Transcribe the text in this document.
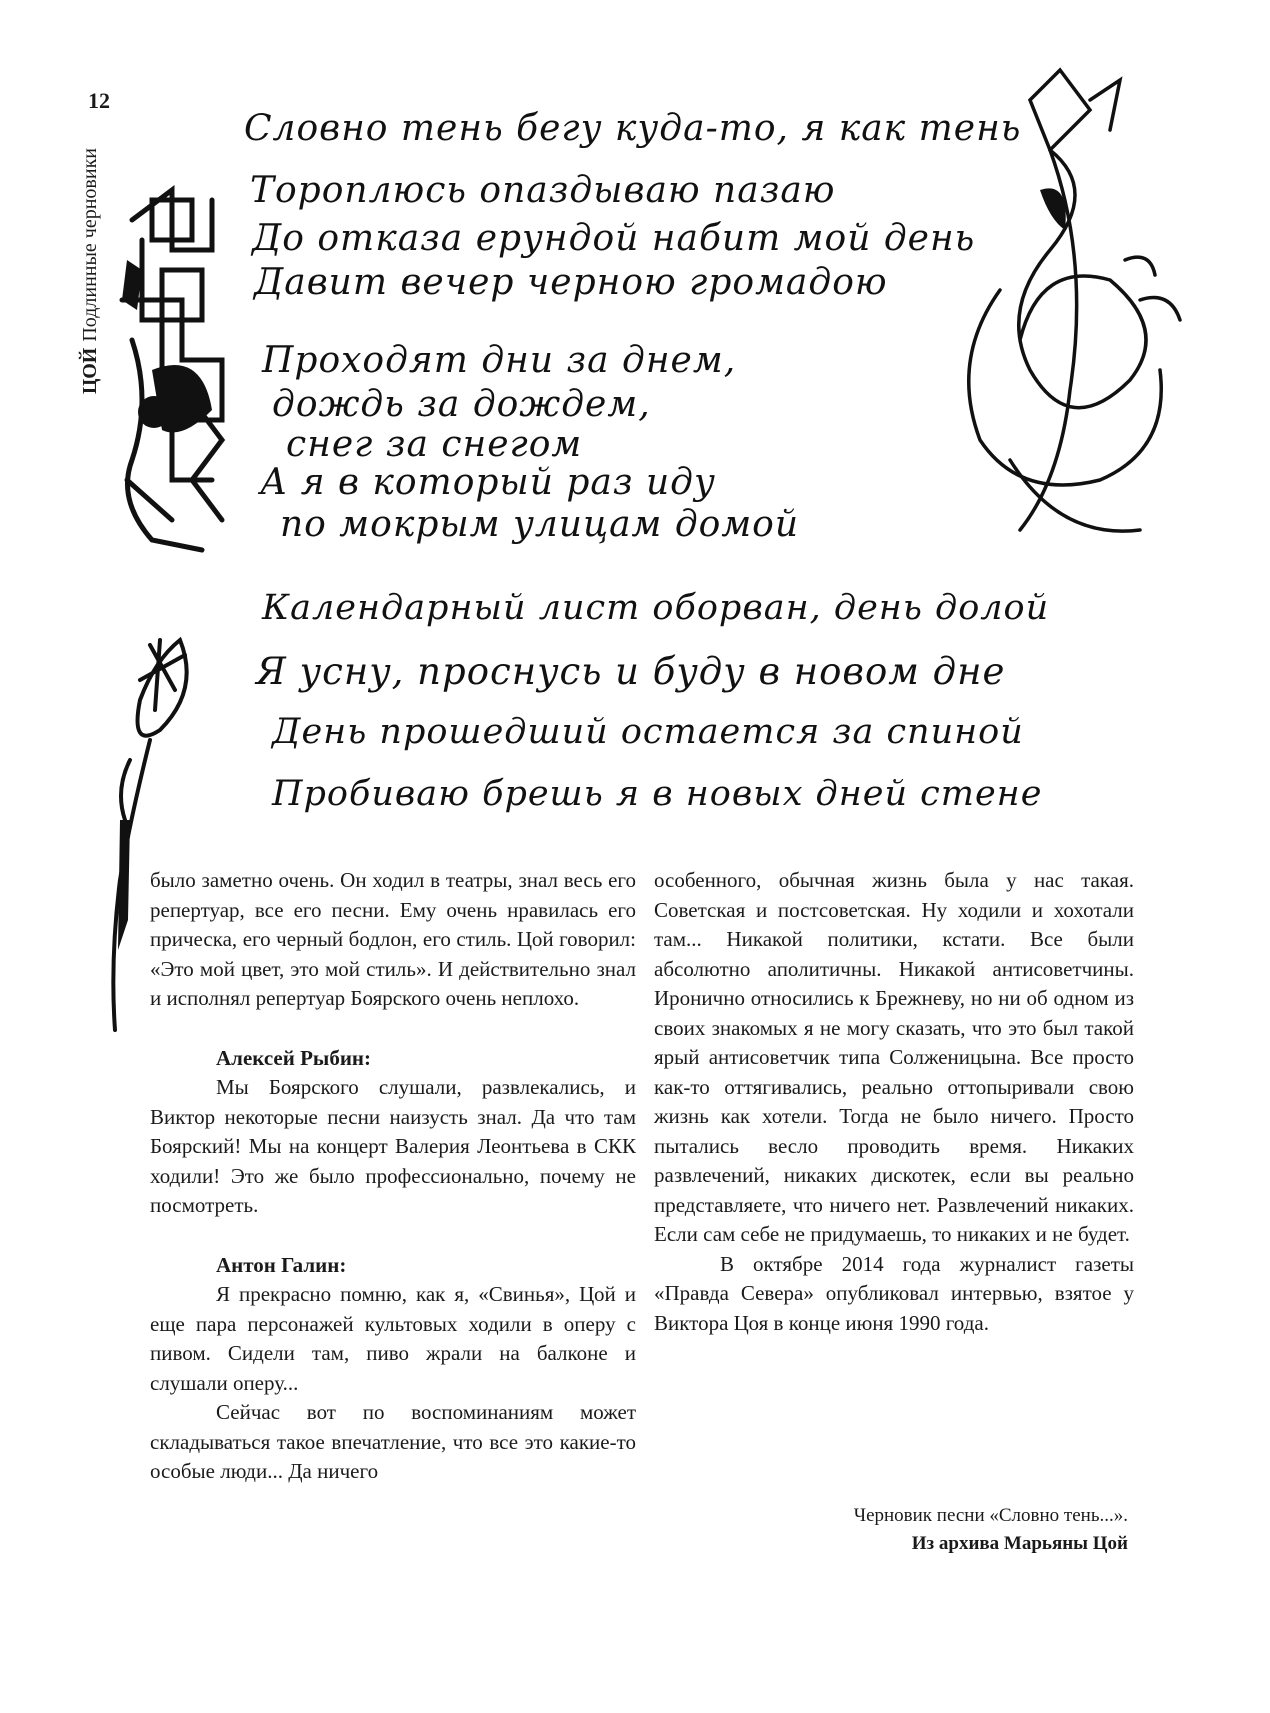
12
ЦОЙПодлинные черновики
Словно тень бегу куда-то, я как тень
Тороплюсь опаздываю пазаю
До отказа ерундой набит мой день
Давит вечер черною громадою
Проходят дни за днем,
дождь за дождем,
снег за снегом
А я в который раз иду
по мокрым улицам домой
Календарный лист оборван, день долой
Я усну, проснусь и буду в новом дне
День прошедший остается за спиной
Пробиваю брешь я в новых дней стене

было заметно очень. Он ходил в театры, знал весь его репертуар, все его песни. Ему очень нравилась его прическа, его черный бодлон, его стиль. Цой говорил: «Это мой цвет, это мой стиль». И действительно знал и исполнял репертуар Боярского очень неплохо.

Алексей Рыбин:

Мы Боярского слушали, развлекались, и Виктор некоторые песни наизусть знал. Да что там Боярский! Мы на концерт Валерия Леонтьева в СКК ходили! Это же было профессионально, почему не посмотреть.

Антон Галин:

Я прекрасно помню, как я, «Свинья», Цой и еще пара персонажей культовых ходили в оперу с пивом. Сидели там, пиво жрали на балконе и слушали оперу...

Сейчас вот по воспоминаниям может складываться такое впечатление, что все это какие-то особые люди... Да ничего

особенного, обычная жизнь была у нас такая. Советская и постсоветская. Ну ходили и хохотали там... Никакой политики, кстати. Все были абсолютно аполитичны. Никакой антисоветчины. Иронично относились к Брежневу, но ни об одном из своих знакомых я не могу сказать, что это был такой ярый антисоветчик типа Солженицына. Все просто как-то оттягивались, реально оттопыривали свою жизнь как хотели. Тогда не было ничего. Просто пытались весло проводить время. Никаких развлечений, никаких дискотек, если вы реально представляете, что ничего нет. Развлечений никаких. Если сам себе не придумаешь, то никаких и не будет.

В октябре 2014 года журналист газеты «Правда Севера» опубликовал интервью, взятое у Виктора Цоя в конце июня 1990 года.

Черновик песни «Словно тень...».
Из архива Марьяны Цой
